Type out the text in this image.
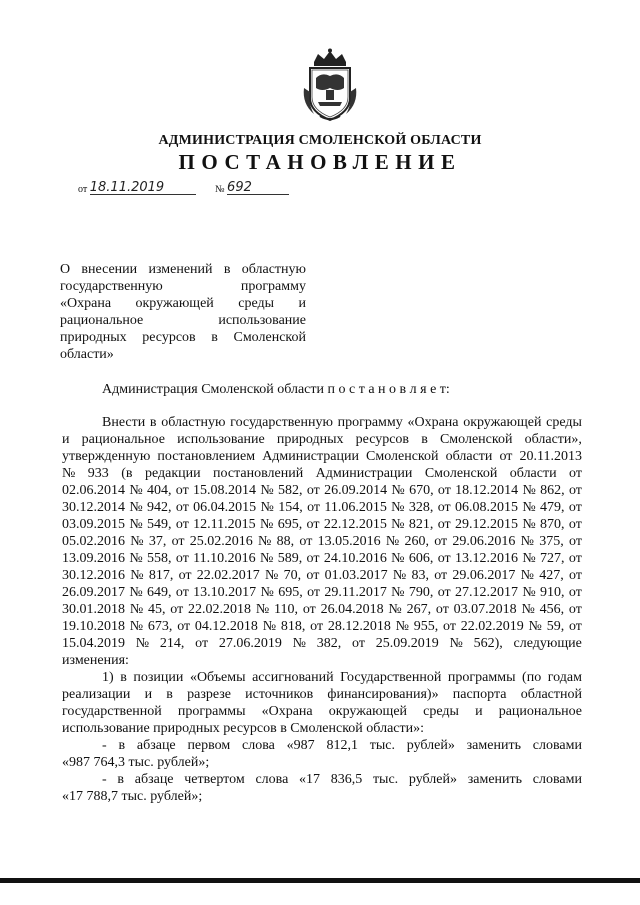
АДМИНИСТРАЦИЯ СМОЛЕНСКОЙ ОБЛАСТИ
ПОСТАНОВЛЕНИЕ
от 18.11.2019	№ 692
О внесении изменений в областную
государственную программу
«Охрана окружающей среды и
рациональное использование
природных ресурсов в Смоленской
области»
Администрация Смоленской области п о с т а н о в л я е т:
Внести в областную государственную программу «Охрана окружающей среды
и рациональное использование природных ресурсов в Смоленской области»,
утвержденную постановлением Администрации Смоленской области от 20.11.2013
№ 933 (в редакции постановлений Администрации Смоленской области от
02.06.2014 № 404, от 15.08.2014 № 582, от 26.09.2014 № 670, от 18.12.2014 № 862, от
30.12.2014 № 942, от 06.04.2015 № 154, от 11.06.2015 № 328, от 06.08.2015 № 479, от
03.09.2015 № 549, от 12.11.2015 № 695, от 22.12.2015 № 821, от 29.12.2015 № 870, от
05.02.2016 № 37, от 25.02.2016 № 88, от 13.05.2016 № 260, от 29.06.2016 № 375, от
13.09.2016 № 558, от 11.10.2016 № 589, от 24.10.2016 № 606, от 13.12.2016 № 727, от
30.12.2016 № 817, от 22.02.2017 № 70, от 01.03.2017 № 83, от 29.06.2017 № 427, от
26.09.2017 № 649, от 13.10.2017 № 695, от 29.11.2017 № 790, от 27.12.2017 № 910, от
30.01.2018 № 45, от 22.02.2018 № 110, от 26.04.2018 № 267, от 03.07.2018 № 456, от
19.10.2018 № 673, от 04.12.2018 № 818, от 28.12.2018 № 955, от 22.02.2019 № 59, от
15.04.2019 № 214, от 27.06.2019 № 382, от 25.09.2019 № 562), следующие
изменения:
1) в позиции «Объемы ассигнований Государственной программы (по годам
реализации и в разрезе источников финансирования)» паспорта областной
государственной программы «Охрана окружающей среды и рациональное
использование природных ресурсов в Смоленской области»:
- в абзаце первом слова «987 812,1 тыс. рублей» заменить словами
«987 764,3 тыс. рублей»;
- в абзаце четвертом слова «17 836,5 тыс. рублей» заменить словами
«17 788,7 тыс. рублей»;
